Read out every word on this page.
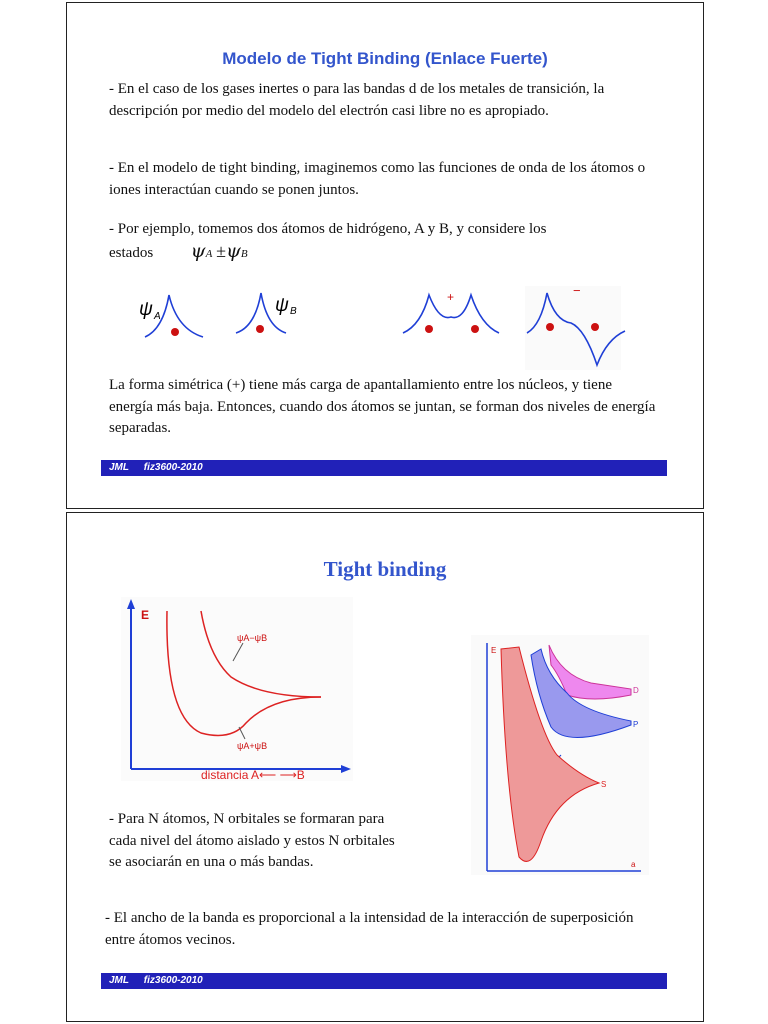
Modelo de Tight Binding (Enlace Fuerte)
- En el caso de los gases inertes o para las bandas d de los metales de transición, la descripción por medio del modelo del electrón casi libre no es apropiado.
- En el modelo de tight binding, imaginemos como las funciones de onda de los átomos o iones interactúan cuando se ponen juntos.
- Por ejemplo, tomemos dos átomos de hidrógeno, A y B, y considere los
estados ψA ±ψB
ψ A
ψ B
+	−
La forma simétrica (+) tiene más carga de apantallamiento entre los núcleos, y tiene energía más baja. Entonces, cuando dos átomos se juntan, se forman dos niveles de energía separadas.
JML fiz3600-2010
Tight binding
E
ψA−ψB
ψA+ψB
distancia A⟵ ⟶B
E
a
D
P
S
- Para N átomos, N orbitales se formaran para cada nivel del átomo aislado y estos N orbitales se asociarán en una o más bandas.
- El ancho de la banda es proporcional a la intensidad de la interacción de superposición entre átomos vecinos.
JML fiz3600-2010
